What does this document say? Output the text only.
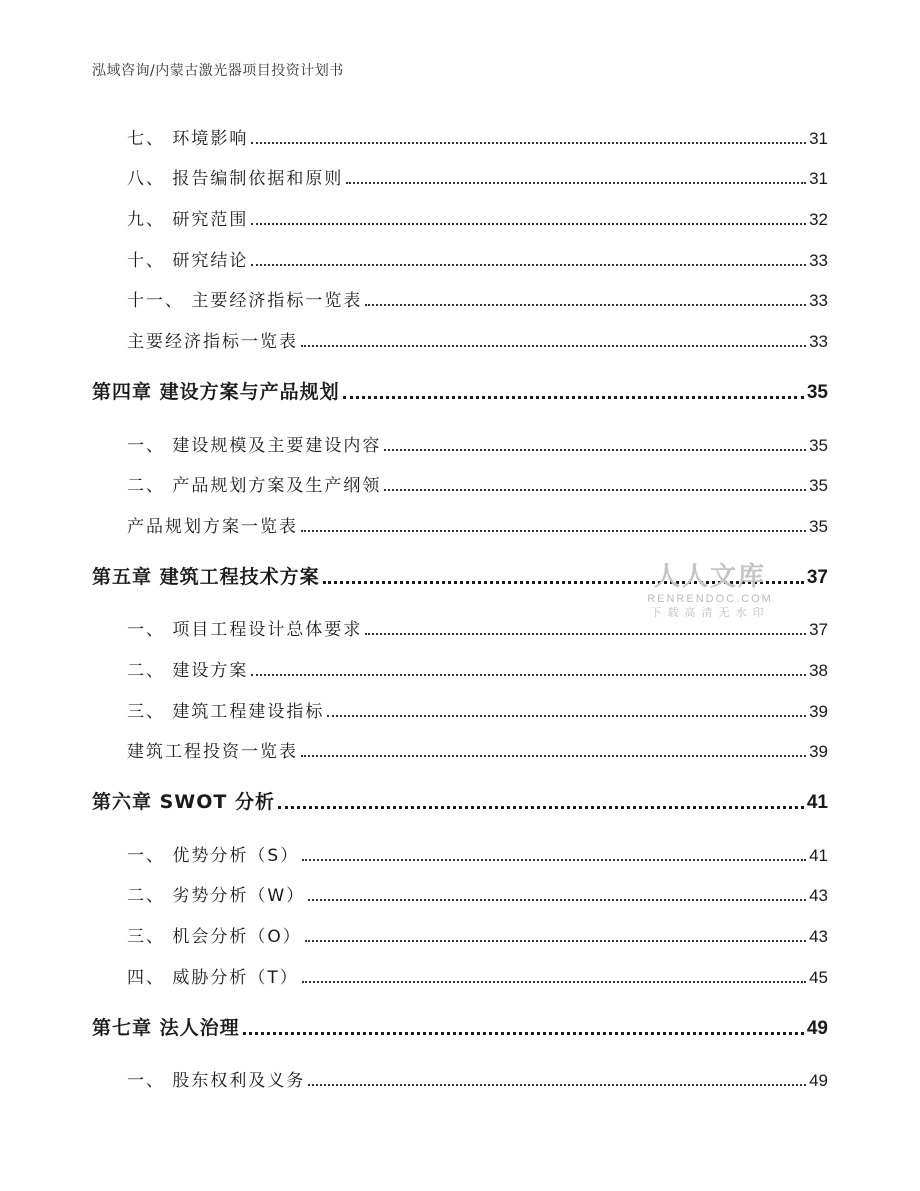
泓域咨询/内蒙古激光器项目投资计划书
七、 环境影响	31
八、 报告编制依据和原则	31
九、 研究范围	32
十、 研究结论	33
十一、 主要经济指标一览表	33
主要经济指标一览表	33
第四章 建设方案与产品规划	35
一、 建设规模及主要建设内容	35
二、 产品规划方案及生产纲领	35
产品规划方案一览表	35
第五章 建筑工程技术方案	37
一、 项目工程设计总体要求	37
二、 建设方案	38
三、 建筑工程建设指标	39
建筑工程投资一览表	39
第六章 SWOT 分析	41
一、 优势分析（S）	41
二、 劣势分析（W）	43
三、 机会分析（O）	43
四、 威胁分析（T）	45
第七章 法人治理	49
一、 股东权利及义务	49
人人文库
RENRENDOC.COM
下载高清无水印
